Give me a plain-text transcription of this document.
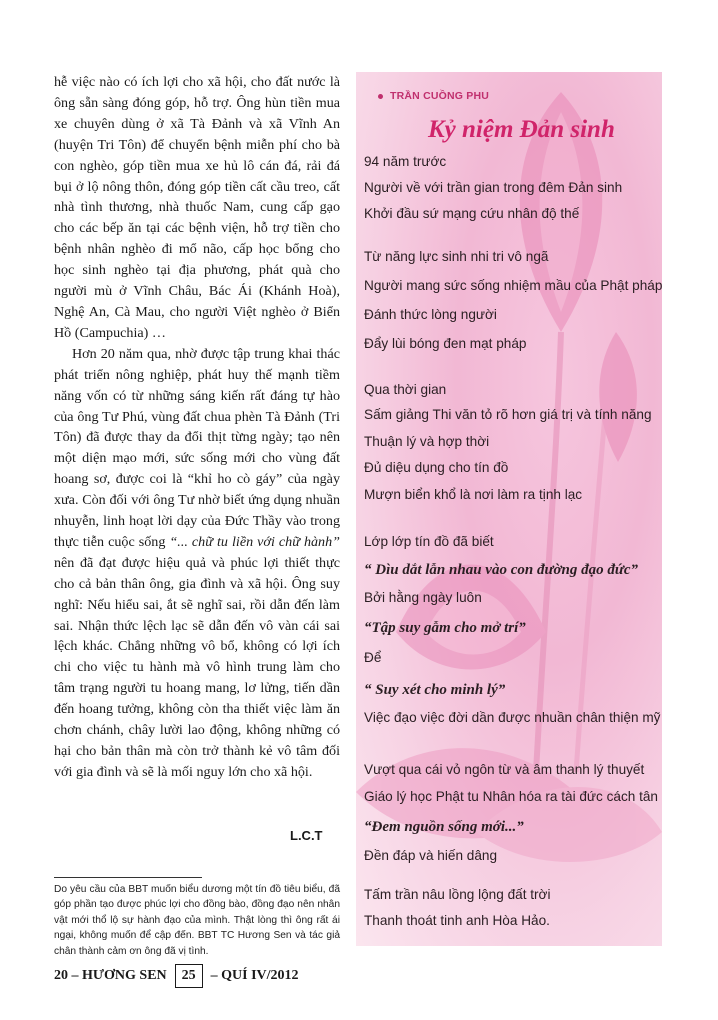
hễ việc nào có ích lợi cho xã hội, cho đất nước là ông sẵn sàng đóng góp, hỗ trợ. Ông hùn tiền mua xe chuyên dùng ở xã Tà Đảnh và xã Vĩnh An (huyện Tri Tôn) để chuyển bệnh miễn phí cho bà con nghèo, góp tiền mua xe hủ lô cán đá, rải đá bụi ở lộ nông thôn, đóng góp tiền cất cầu treo, cất nhà tình thương, nhà thuốc Nam, cung cấp gạo cho các bếp ăn tại các bệnh viện, hỗ trợ tiền cho bệnh nhân nghèo đi mổ não, cấp học bổng cho học sinh nghèo tại địa phương, phát quà cho người mù ở Vĩnh Châu, Bác Ái (Khánh Hoà), Nghệ An, Cà Mau, cho người Việt nghèo ở Biển Hồ (Campuchia) …

Hơn 20 năm qua, nhờ được tập trung khai thác phát triển nông nghiệp, phát huy thế mạnh tiềm năng vốn có từ những sáng kiến rất đáng tự hào của ông Tư Phú, vùng đất chua phèn Tà Đảnh (Tri Tôn) đã được thay da đổi thịt từng ngày; tạo nên một diện mạo mới, sức sống mới cho vùng đất hoang sơ, được coi là “khỉ ho cò gáy” của ngày xưa. Còn đối với ông Tư nhờ biết ứng dụng nhuần nhuyễn, linh hoạt lời dạy của Đức Thầy vào trong thực tiễn cuộc sống “... chữ tu liền với chữ hành” nên đã đạt được hiệu quả và phúc lợi thiết thực cho cả bản thân ông, gia đình và xã hội. Ông suy nghĩ: Nếu hiểu sai, ắt sẽ nghĩ sai, rồi dẫn đến làm sai. Nhận thức lệch lạc sẽ dẫn đến vô vàn cái sai lệch khác. Chẳng những vô bổ, không có lợi ích chi cho việc tu hành mà vô hình trung làm cho tâm trạng người tu hoang mang, lơ lửng, tiến dần đến hoang tưởng, không còn tha thiết việc làm ăn chơn chánh, chây lười lao động, không những có hại cho bản thân mà còn trở thành kẻ vô tâm đối với gia đình và sẽ là mối nguy lớn cho xã hội.

L.C.T
Do yêu cầu của BBT muốn biểu dương một tín đồ tiêu biểu, đã góp phần tạo được phúc lợi cho đồng bào, đồng đạo nên nhân vật mới thổ lộ sự hành đạo của mình. Thật lòng thì ông rất ái ngại, không muốn để cập đến. BBT TC Hương Sen và tác giả chân thành cảm ơn ông đã vị tình.
20 – HƯƠNG SEN	25	– QUÍ IV/2012
TRẦN CUỒNG PHU
Kỷ niệm Đản sinh
94 năm trước
Người về với trần gian trong đêm Đản sinh
Khởi đầu sứ mạng cứu nhân độ thế
Từ năng lực sinh nhi tri vô ngã
Người mang sức sống nhiệm mầu của Phật pháp
Đánh thức lòng người
Đẩy lùi bóng đen mạt pháp
Qua thời gian
Sấm giảng Thi văn tỏ rõ hơn giá trị và tính năng
Thuận lý và hợp thời
Đủ diệu dụng cho tín đồ
Mượn biển khổ là nơi làm ra tịnh lạc
Lớp lớp tín đồ đã biết
“ Dìu dắt lẫn nhau vào con đường đạo đức”
Bởi hằng ngày luôn
“Tập suy gẫm cho mở trí”
Để
“ Suy xét cho minh lý”
Việc đạo việc đời dần được nhuần chân thiện mỹ
Vượt qua cái vỏ ngôn từ và âm thanh lý thuyết
Giáo lý học Phật tu Nhân hóa ra tài đức cách tân
“Đem nguồn sống mới...”
Đền đáp và hiến dâng
Tấm trần nâu lồng lộng đất trời
Thanh thoát tinh anh Hòa Hảo.
